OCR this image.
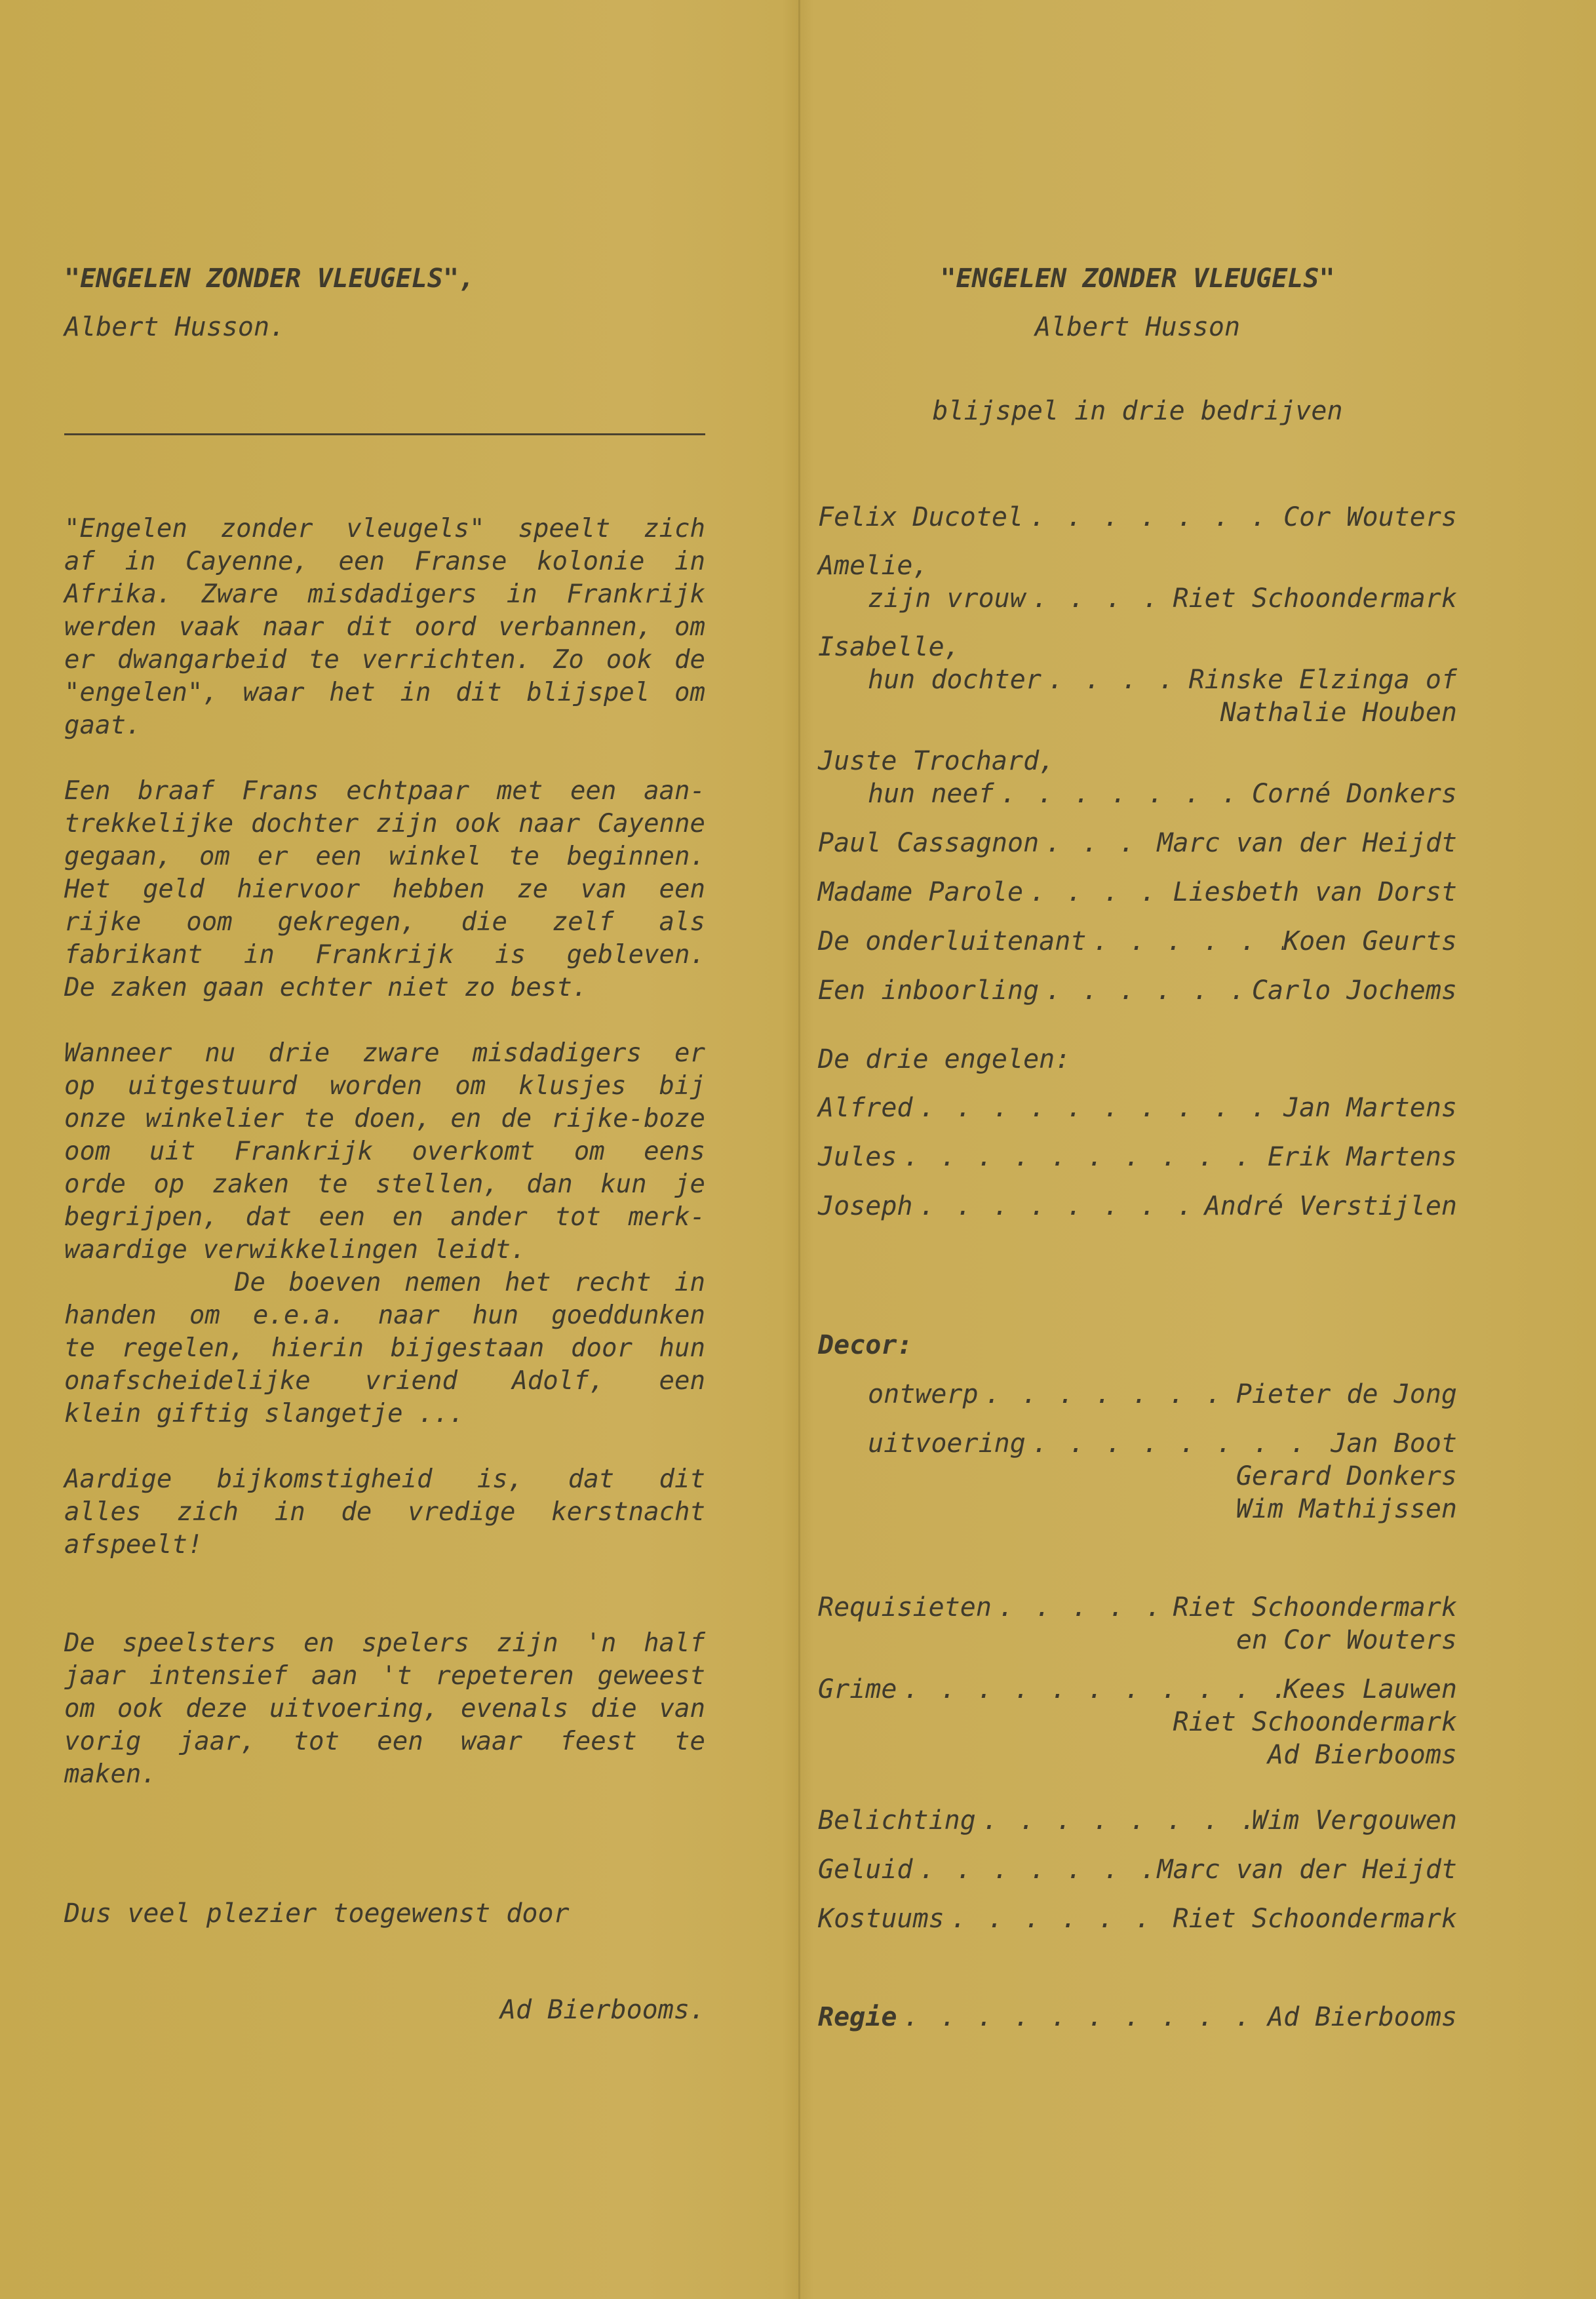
"ENGELEN ZONDER VLEUGELS",
Albert Husson.
"Engelen zonder vleugels" speelt zich
af in Cayenne, een Franse kolonie in
Afrika. Zware misdadigers in Frankrijk
werden vaak naar dit oord verbannen, om
er dwangarbeid te verrichten. Zo ook de
"engelen", waar het in dit blijspel om
gaat.
Een braaf Frans echtpaar met een aan-
trekkelijke dochter zijn ook naar Cayenne
gegaan, om er een winkel te beginnen.
Het geld hiervoor hebben ze van een
rijke oom gekregen, die zelf als
fabrikant in Frankrijk is gebleven.
De zaken gaan echter niet zo best.
Wanneer nu drie zware misdadigers er
op uitgestuurd worden om klusjes bij
onze winkelier te doen, en de rijke-boze
oom uit Frankrijk overkomt om eens
orde op zaken te stellen, dan kun je
begrijpen, dat een en ander tot merk-
waardige verwikkelingen leidt.
De boeven nemen het recht in
handen om e.e.a. naar hun goeddunken
te regelen, hierin bijgestaan door hun
onafscheidelijke vriend Adolf, een
klein giftig slangetje ...
Aardige bijkomstigheid is, dat dit
alles zich in de vredige kerstnacht
afspeelt!
De speelsters en spelers zijn 'n half
jaar intensief aan 't repeteren geweest
om ook deze uitvoering, evenals die van
vorig jaar, tot een waar feest te
maken.
Dus veel plezier toegewenst door
Ad Bierbooms.
"ENGELEN ZONDER VLEUGELS"
Albert Husson
blijspel in drie bedrijven
Felix Ducotel . . .	Cor Wouters
Amelie,
zijn vrouw . . .	Riet Schoondermark
Isabelle,
hun dochter . . .	Rinske Elzinga of
Nathalie Houben
Juste Trochard,
hun neef . . .	Corné Donkers
Paul Cassagnon . . .	Marc van der Heijdt
Madame Parole . . .	Liesbeth van Dorst
De onderluitenant . . .	Koen Geurts
Een inboorling . . .	Carlo Jochems
De drie engelen:
Alfred . . .	Jan Martens
Jules . . .	Erik Martens
Joseph . . .	André Verstijlen
Decor:
ontwerp . . .	Pieter de Jong
uitvoering . . .	Jan Boot
Gerard Donkers
Wim Mathijssen
Requisieten . . .	Riet Schoondermark
en Cor Wouters
Grime . . .	Kees Lauwen
Riet Schoondermark
Ad Bierbooms
Belichting . . .	Wim Vergouwen
Geluid . . .	Marc van der Heijdt
Kostuums . . .	Riet Schoondermark
Regie . . .	Ad Bierbooms
